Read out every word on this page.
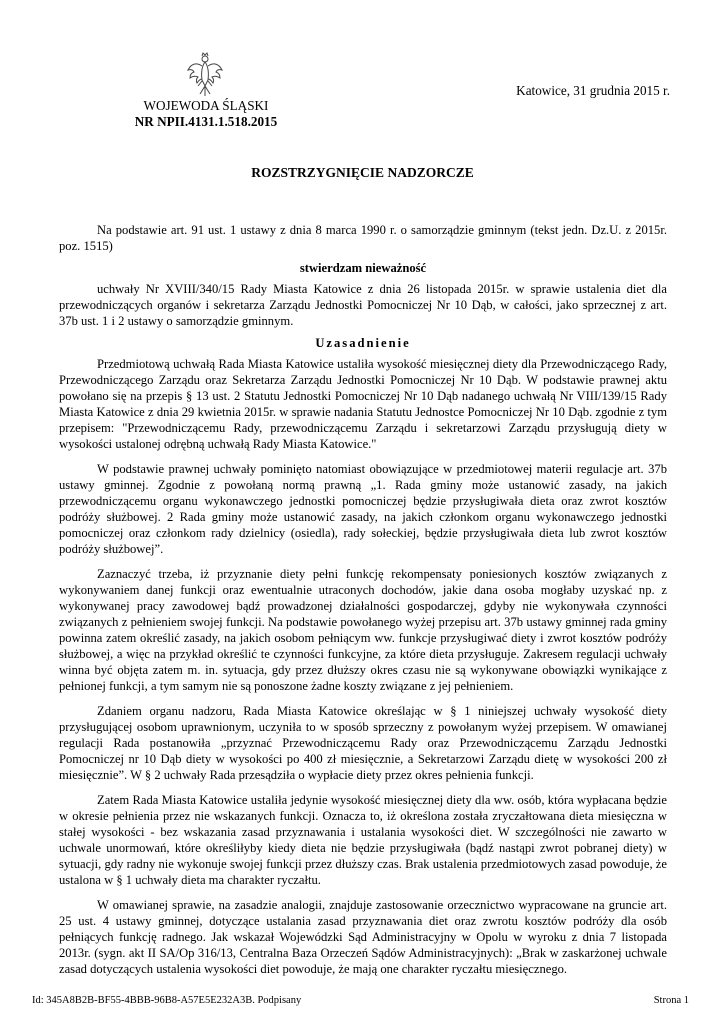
WOJEWODA ŚLĄSKI
NR NPII.4131.1.518.2015
Katowice, 31 grudnia 2015 r.
ROZSTRZYGNIĘCIE NADZORCZE

Na podstawie art. 91 ust. 1 ustawy z dnia 8 marca 1990 r. o samorządzie gminnym (tekst jedn. Dz.U. z 2015r. poz. 1515)

stwierdzam nieważność

uchwały Nr XVIII/340/15 Rady Miasta Katowice z dnia 26 listopada 2015r. w sprawie ustalenia diet dla przewodniczących organów i sekretarza Zarządu Jednostki Pomocniczej Nr 10 Dąb, w całości, jako sprzecznej z art. 37b ust. 1 i 2 ustawy o samorządzie gminnym.

Uzasadnienie

Przedmiotową uchwałą Rada Miasta Katowice ustaliła wysokość miesięcznej diety dla Przewodniczącego Rady, Przewodniczącego Zarządu oraz Sekretarza Zarządu Jednostki Pomocniczej Nr 10 Dąb. W podstawie prawnej aktu powołano się na przepis § 13 ust. 2 Statutu Jednostki Pomocniczej Nr 10 Dąb nadanego uchwałą Nr VIII/139/15 Rady Miasta Katowice z dnia 29 kwietnia 2015r. w sprawie nadania Statutu Jednostce Pomocniczej Nr 10 Dąb. zgodnie z tym przepisem: "Przewodniczącemu Rady, przewodniczącemu Zarządu i sekretarzowi Zarządu przysługują diety w wysokości ustalonej odrębną uchwałą Rady Miasta Katowice."

W podstawie prawnej uchwały pominięto natomiast obowiązujące w przedmiotowej materii regulacje art. 37b ustawy gminnej. Zgodnie z powołaną normą prawną „1. Rada gminy może ustanowić zasady, na jakich przewodniczącemu organu wykonawczego jednostki pomocniczej będzie przysługiwała dieta oraz zwrot kosztów podróży służbowej. 2 Rada gminy może ustanowić zasady, na jakich członkom organu wykonawczego jednostki pomocniczej oraz członkom rady dzielnicy (osiedla), rady sołeckiej, będzie przysługiwała dieta lub zwrot kosztów podróży służbowej”.

Zaznaczyć trzeba, iż przyznanie diety pełni funkcję rekompensaty poniesionych kosztów związanych z wykonywaniem danej funkcji oraz ewentualnie utraconych dochodów, jakie dana osoba mogłaby uzyskać np. z wykonywanej pracy zawodowej bądź prowadzonej działalności gospodarczej, gdyby nie wykonywała czynności związanych z pełnieniem swojej funkcji. Na podstawie powołanego wyżej przepisu art. 37b ustawy gminnej rada gminy powinna zatem określić zasady, na jakich osobom pełniącym ww. funkcje przysługiwać diety i zwrot kosztów podróży służbowej, a więc na przykład określić te czynności funkcyjne, za które dieta przysługuje. Zakresem regulacji uchwały winna być objęta zatem m. in. sytuacja, gdy przez dłuższy okres czasu nie są wykonywane obowiązki wynikające z pełnionej funkcji, a tym samym nie są ponoszone żadne koszty związane z jej pełnieniem.

Zdaniem organu nadzoru, Rada Miasta Katowice określając w § 1 niniejszej uchwały wysokość diety przysługującej osobom uprawnionym, uczyniła to w sposób sprzeczny z powołanym wyżej przepisem. W omawianej regulacji Rada postanowiła „przyznać Przewodniczącemu Rady oraz Przewodniczącemu Zarządu Jednostki Pomocniczej nr 10 Dąb diety w wysokości po 400 zł miesięcznie, a Sekretarzowi Zarządu dietę w wysokości 200 zł miesięcznie”. W § 2 uchwały Rada przesądziła o wypłacie diety przez okres pełnienia funkcji.

Zatem Rada Miasta Katowice ustaliła jedynie wysokość miesięcznej diety dla ww. osób, która wypłacana będzie w okresie pełnienia przez nie wskazanych funkcji. Oznacza to, iż określona została zryczałtowana dieta miesięczna w stałej wysokości - bez wskazania zasad przyznawania i ustalania wysokości diet. W szczególności nie zawarto w uchwale unormowań, które określiłyby kiedy dieta nie będzie przysługiwała (bądź nastąpi zwrot pobranej diety) w sytuacji, gdy radny nie wykonuje swojej funkcji przez dłuższy czas. Brak ustalenia przedmiotowych zasad powoduje, że ustalona w § 1 uchwały dieta ma charakter ryczałtu.

W omawianej sprawie, na zasadzie analogii, znajduje zastosowanie orzecznictwo wypracowane na gruncie art. 25 ust. 4 ustawy gminnej, dotyczące ustalania zasad przyznawania diet oraz zwrotu kosztów podróży dla osób pełniących funkcję radnego. Jak wskazał Wojewódzki Sąd Administracyjny w Opolu w wyroku z dnia 7 listopada 2013r. (sygn. akt II SA/Op 316/13, Centralna Baza Orzeczeń Sądów Administracyjnych): „Brak w zaskarżonej uchwale zasad dotyczących ustalenia wysokości diet powoduje, że mają one charakter ryczałtu miesięcznego.

Id: 345A8B2B-BF55-4BBB-96B8-A57E5E232A3B. Podpisany	Strona 1
